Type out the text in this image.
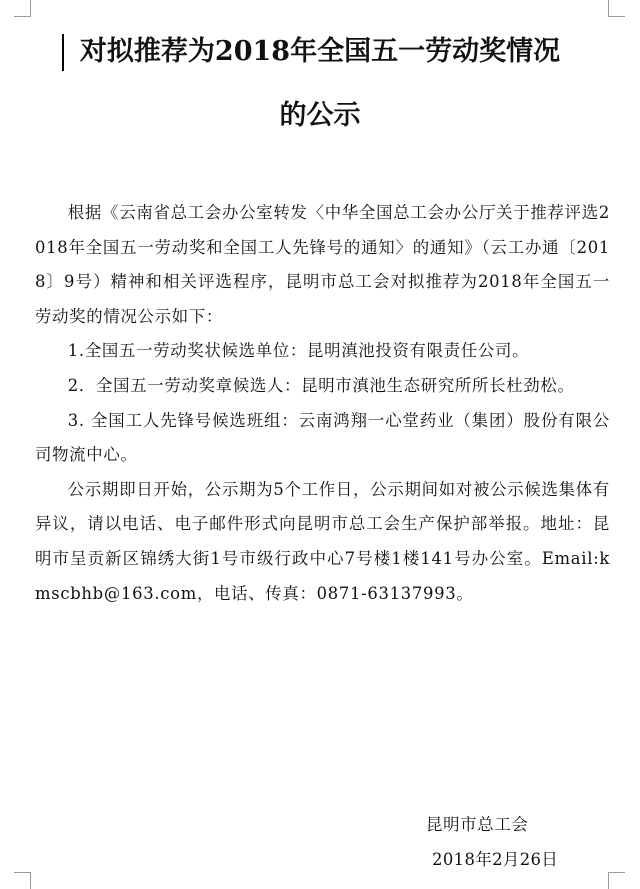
对拟推荐为2018年全国五一劳动奖情况
的公示

根据《云南省总工会办公室转发〈中华全国总工会办公厅关于推荐评选2018年全国五一劳动奖和全国工人先锋号的通知〉的通知》（云工办通〔2018〕9号）精神和相关评选程序，昆明市总工会对拟推荐为2018年全国五一劳动奖的情况公示如下：

1.全国五一劳动奖状候选单位：昆明滇池投资有限责任公司。

2．全国五一劳动奖章候选人：昆明市滇池生态研究所所长杜劲松。

3. 全国工人先锋号候选班组：云南鸿翔一心堂药业（集团）股份有限公司物流中心。

公示期即日开始，公示期为5个工作日，公示期间如对被公示候选集体有异议，请以电话、电子邮件形式向昆明市总工会生产保护部举报。地址：昆明市呈贡新区锦绣大街1号市级行政中心7号楼1楼141号办公室。Email:kmscbhb@163.com，电话、传真：0871-63137993。

昆明市总工会
2018年2月26日
